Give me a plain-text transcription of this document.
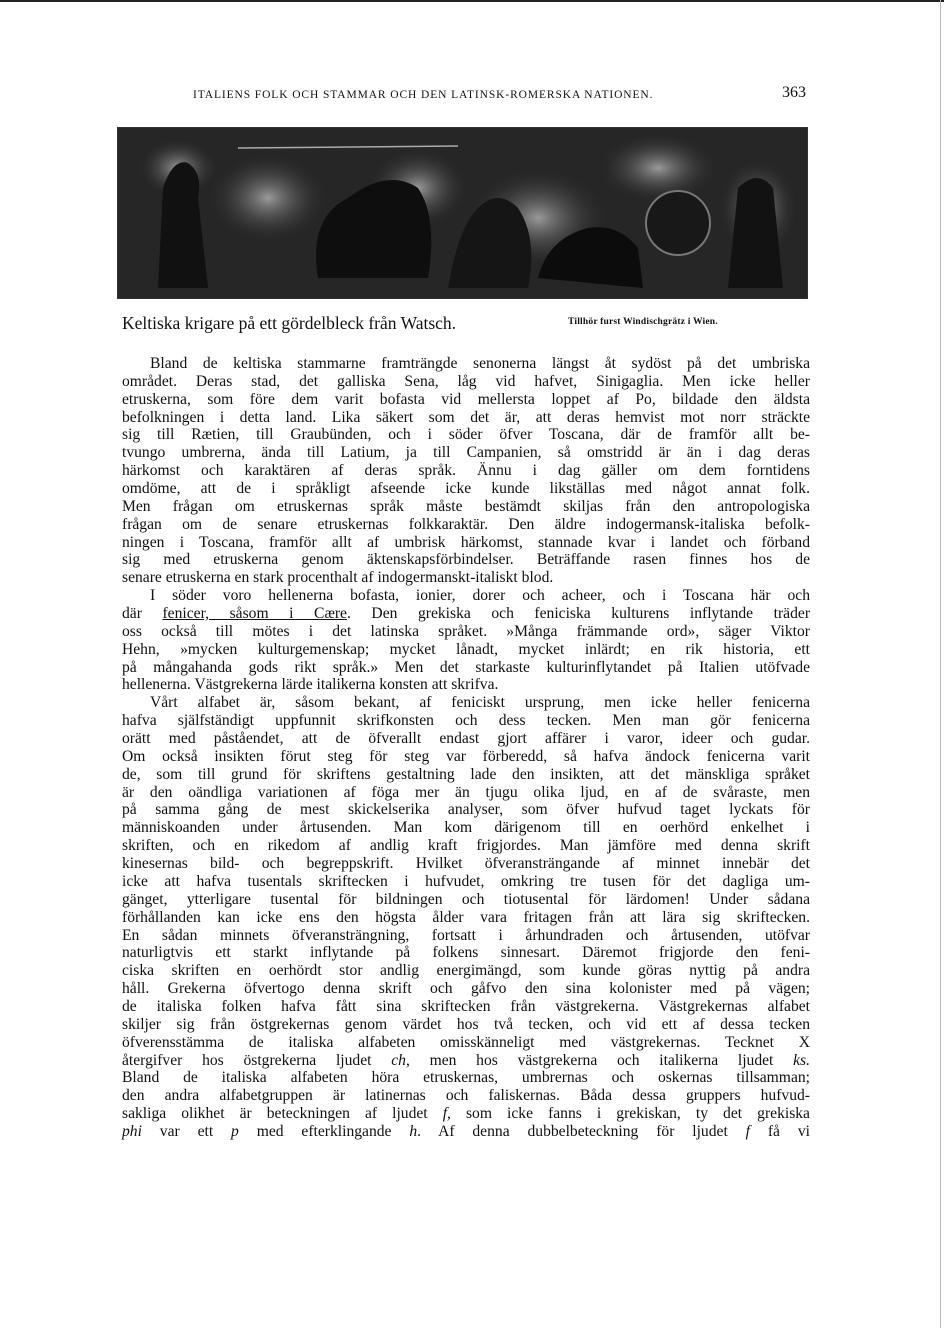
ITALIENS FOLK OCH STAMMAR OCH DEN LATINSK-ROMERSKA NATIONEN.	363
Keltiska krigare på ett gördelbleck från Watsch.	Tillhör furst Windischgrätz i Wien.
Bland de keltiska stammarne framträngde senonerna längst åt sydöst på det umbriska
området. Deras stad, det galliska Sena, låg vid hafvet, Sinigaglia. Men icke heller
etruskerna, som före dem varit bofasta vid mellersta loppet af Po, bildade den äldsta
befolkningen i detta land. Lika säkert som det är, att deras hemvist mot norr sträckte
sig till Rætien, till Graubünden, och i söder öfver Toscana, där de framför allt be-
tvungo umbrerna, ända till Latium, ja till Campanien, så omstridd är än i dag deras
härkomst och karaktären af deras språk. Ännu i dag gäller om dem forntidens
omdöme, att de i språkligt afseende icke kunde likställas med något annat folk.
Men frågan om etruskernas språk måste bestämdt skiljas från den antropologiska
frågan om de senare etruskernas folkkaraktär. Den äldre indogermansk-italiska befolk-
ningen i Toscana, framför allt af umbrisk härkomst, stannade kvar i landet och förband
sig med etruskerna genom äktenskapsförbindelser. Beträffande rasen finnes hos de
senare etruskerna en stark procenthalt af indogermanskt-italiskt blod.
I söder voro hellenerna bofasta, ionier, dorer och acheer, och i Toscana här och
där fenicer, såsom i Cære. Den grekiska och feniciska kulturens inflytande träder
oss också till mötes i det latinska språket. »Många främmande ord», säger Viktor
Hehn, »mycken kulturgemenskap; mycket lånadt, mycket inlärdt; en rik historia, ett
på mångahanda gods rikt språk.» Men det starkaste kulturinflytandet på Italien utöfvade
hellenerna. Västgrekerna lärde italikerna konsten att skrifva.
Vårt alfabet är, såsom bekant, af feniciskt ursprung, men icke heller fenicerna
hafva själfständigt uppfunnit skrifkonsten och dess tecken. Men man gör fenicerna
orätt med påståendet, att de öfverallt endast gjort affärer i varor, ideer och gudar.
Om också insikten förut steg för steg var förberedd, så hafva ändock fenicerna varit
de, som till grund för skriftens gestaltning lade den insikten, att det mänskliga språket
är den oändliga variationen af föga mer än tjugu olika ljud, en af de svåraste, men
på samma gång de mest skickelserika analyser, som öfver hufvud taget lyckats för
människoanden under årtusenden. Man kom därigenom till en oerhörd enkelhet i
skriften, och en rikedom af andlig kraft frigjordes. Man jämföre med denna skrift
kinesernas bild- och begreppskrift. Hvilket öfveransträngande af minnet innebär det
icke att hafva tusentals skriftecken i hufvudet, omkring tre tusen för det dagliga um-
gänget, ytterligare tusental för bildningen och tiotusental för lärdomen! Under sådana
förhållanden kan icke ens den högsta ålder vara fritagen från att lära sig skriftecken.
En sådan minnets öfveransträngning, fortsatt i århundraden och årtusenden, utöfvar
naturligtvis ett starkt inflytande på folkens sinnesart. Däremot frigjorde den feni-
ciska skriften en oerhördt stor andlig energimängd, som kunde göras nyttig på andra
håll. Grekerna öfvertogo denna skrift och gåfvo den sina kolonister med på vägen;
de italiska folken hafva fått sina skriftecken från västgrekerna. Västgrekernas alfabet
skiljer sig från östgrekernas genom värdet hos två tecken, och vid ett af dessa tecken
öfverensstämma de italiska alfabeten omisskänneligt med västgrekernas. Tecknet X
återgifver hos östgrekerna ljudet ch, men hos västgrekerna och italikerna ljudet ks.
Bland de italiska alfabeten höra etruskernas, umbrernas och oskernas tillsamman;
den andra alfabetgruppen är latinernas och faliskernas. Båda dessa gruppers hufvud-
sakliga olikhet är beteckningen af ljudet f, som icke fanns i grekiskan, ty det grekiska
phi var ett p med efterklingande h. Af denna dubbelbeteckning för ljudet f få vi
